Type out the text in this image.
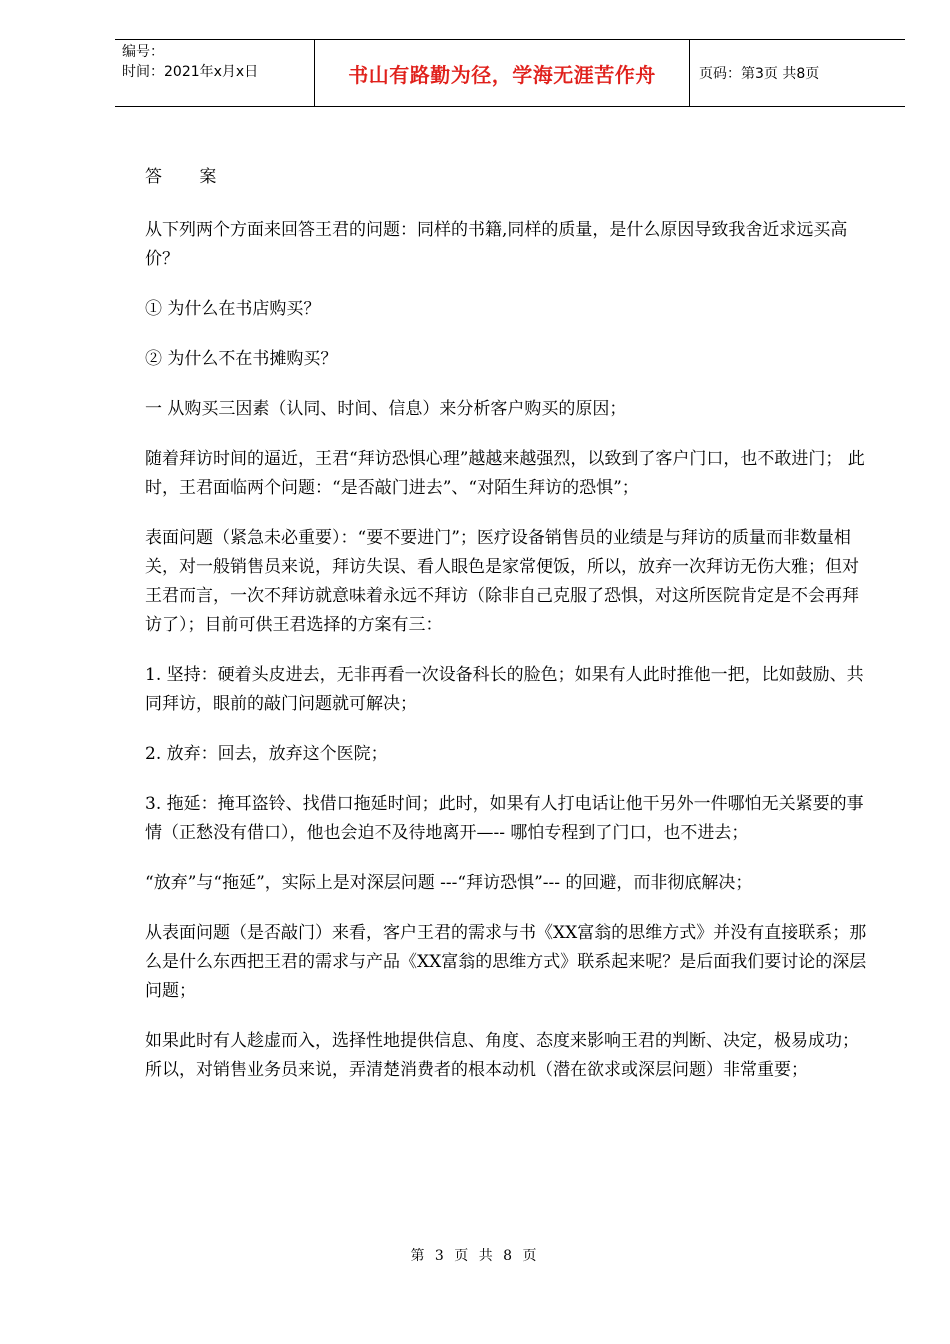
编号：
时间：2021年x月x日	书山有路勤为径，学海无涯苦作舟	页码：第3页 共8页

答 案

从下列两个方面来回答王君的问题：同样的书籍,同样的质量，是什么原因导致我舍近求远买高价？

① 为什么在书店购买？

② 为什么不在书摊购买？

一 从购买三因素（认同、时间、信息）来分析客户购买的原因；

随着拜访时间的逼近，王君“拜访恐惧心理”越越来越强烈，以致到了客户门口，也不敢进门； 此时，王君面临两个问题：“是否敲门进去”、“对陌生拜访的恐惧”；

表面问题（紧急未必重要）：“要不要进门”；医疗设备销售员的业绩是与拜访的质量而非数量相关，对一般销售员来说，拜访失误、看人眼色是家常便饭，所以，放弃一次拜访无伤大雅；但对王君而言，一次不拜访就意味着永远不拜访（除非自己克服了恐惧，对这所医院肯定是不会再拜访了）；目前可供王君选择的方案有三：

1. 坚持：硬着头皮进去，无非再看一次设备科长的脸色；如果有人此时推他一把，比如鼓励、共同拜访，眼前的敲门问题就可解决；

2. 放弃：回去，放弃这个医院；

3. 拖延：掩耳盗铃、找借口拖延时间；此时，如果有人打电话让他干另外一件哪怕无关紧要的事情（正愁没有借口），他也会迫不及待地离开—-- 哪怕专程到了门口，也不进去；

“放弃”与“拖延”，实际上是对深层问题 ---“拜访恐惧”--- 的回避，而非彻底解决；

从表面问题（是否敲门）来看，客户王君的需求与书《XX富翁的思维方式》并没有直接联系；那么是什么东西把王君的需求与产品《XX富翁的思维方式》联系起来呢？是后面我们要讨论的深层问题；

如果此时有人趁虚而入，选择性地提供信息、角度、态度来影响王君的判断、决定，极易成功；所以，对销售业务员来说，弄清楚消费者的根本动机（潜在欲求或深层问题）非常重要；

第 3 页 共 8 页
